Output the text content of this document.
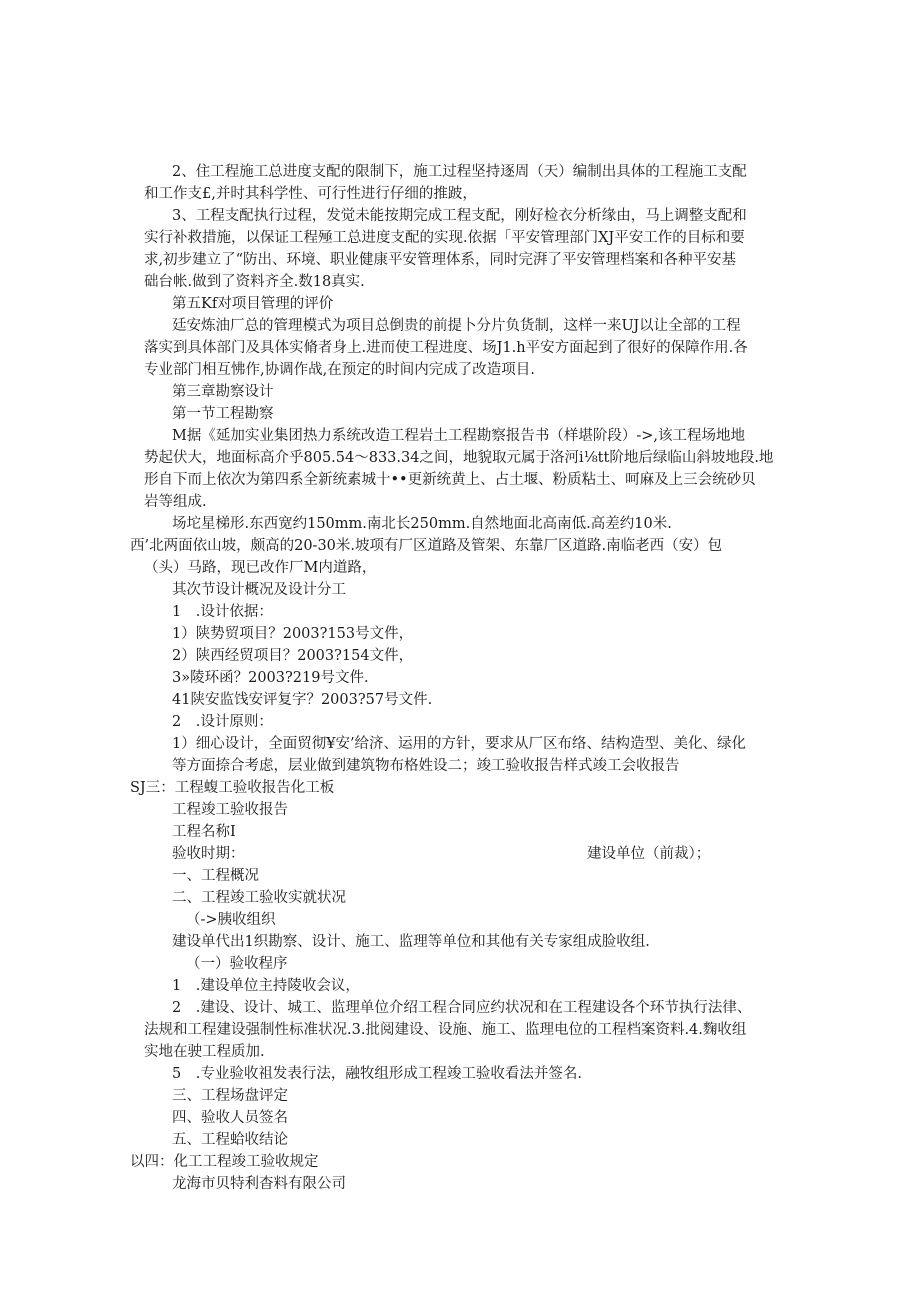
2、住工程施工总进度支配的限制下，施工过程坚持逐周（天）编制出具体的工程施工支配
和工作支£,并时其科学性、可行性进行仔细的推跛，
3、工程支配执行过程，发觉未能按期完成工程支配，刚好检衣分析缘由，马上调整支配和
实行补救措施，以保证工程殛工总进度支配的实现.依据「平安管理部门XJ平安工作的目标和要
求,初步建立了“防出、环境、职业健康平安管理体系，同时完湃了平安管理档案和各种平安基
础台帐.做到了资料齐全.数18真实.
第五Kf对项目管理的评价
廷安炼油厂总的管理模式为项目总倒贵的前提卜分片负货制，这样一来UJ以让全部的工程
落实到具体部门及具体实脩者身上.进而使工程进度、场J1.h平安方面起到了很好的保障作用.各
专业部门相互怫作,协调作战,在预定的时间内完成了改造项目.
第三章勘察设计
第一节工程勘察
M据《延加实业集团热力系统改造工程岩土工程勘察报告书（样堪阶段）->,该工程场地地
势起伏大，地面标高介乎805.54～833.34之间，地貌取元属于洛河i⅛tt阶地后绿临山斜坡地段.地
形自下而上依次为第四系全新统素城十••更新统黄上、占土堰、粉质粘土、呵麻及上三会统砂贝
岩等组成.
场坨星梯形.东西宽约150mm.南北长250mm.自然地面北高南低.高差约10米.
西’北两面依山坡，颇高的20-30米.坡项有厂区道路及管架、东靠厂区道路.南临老西（安）包
（头）马路，现已改作厂M内道路，
其次节设计概况及设计分工
1　.设计依据：
1）陕势贸项目？2003?153号文件，
2）陕西经贸项目？2003?154文件，
3»陵环函？2003?219号文件.
41陕安监饯安评复字？2003?57号文件.
2　.设计原则：
1）细心设计，全面贸彻¥安’给济、运用的方针，要求从厂区布络、结构造型、美化、绿化
等方面捺合考虑，层业做到建筑物布格姓设二；竣工验收报告样式竣工会收报告
SJ三：工程蝮工验收报告化工板
工程竣工验收报告
工程名称I
验收时期：	建设单位（前裁）；
一、工程概况
二、工程竣工验收实就状况
（->胰收组织
建设单代出1织勘察、设计、施工、监理等单位和其他有关专家组成脸收组.
（一）验收程序
1　.建设单位主持陵收会议，
2　.建设、设计、城工、监理单位介绍工程合同应约状况和在工程建设各个环节执行法律、
法规和工程建设强制性标准状况.3.批阅建设、设施、施工、监理电位的工程档案资料.4.麴收组
实地在驶工程质加.
5　.专业验收祖发表行法，融牧组形成工程竣工验收看法并签名.
三、工程场盘评定
四、验收人员签名
五、工程蛤收结论
以四：化工工程竣工验收规定
龙海市贝特利杳料有限公司
